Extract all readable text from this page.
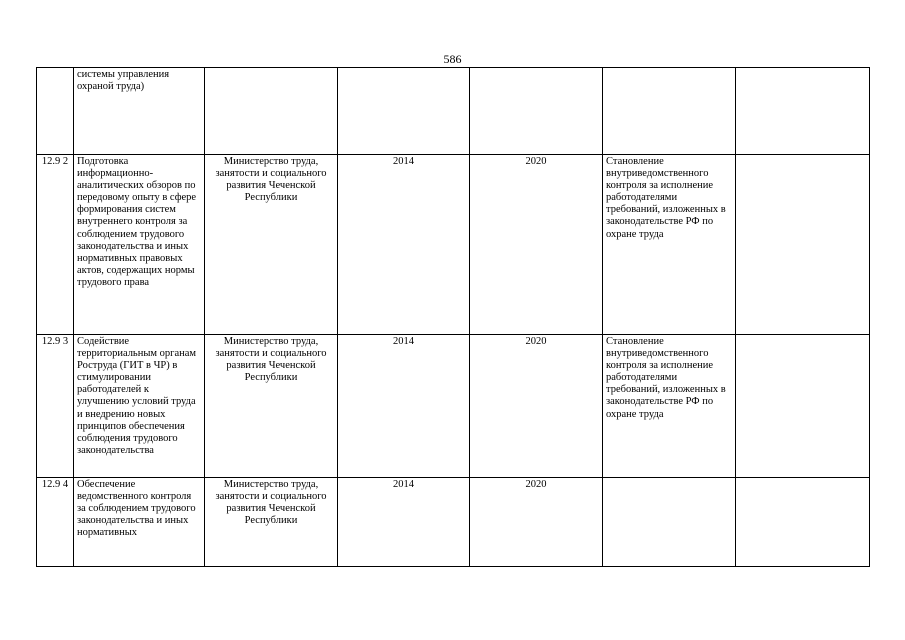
586
	системы управления охраной труда)					
12.9 2	Подготовка информационно-аналитических обзоров по передовому опыту в сфере формирования систем внутреннего контроля за соблюдением трудового законодательства и иных нормативных правовых актов, содержащих нормы трудового права	Министерство труда, занятости и социального развития Чеченской Республики	2014	2020	Становление внутриведомственного контроля за исполнение работодателями требований, изложенных в законодательстве РФ по охране труда	
12.9 3	Содействие территориальным органам Роструда (ГИТ в ЧР) в стимулировании работодателей к улучшению условий труда и внедрению новых принципов обеспечения соблюдения трудового законодательства	Министерство труда, занятости и социального развития Чеченской Республики	2014	2020	Становление внутриведомственного контроля за исполнение работодателями требований, изложенных в законодательстве РФ по охране труда	
12.9 4	Обеспечение ведомственного контроля за соблюдением трудового законодательства и иных нормативных	Министерство труда, занятости и социального развития Чеченской Республики	2014	2020		
